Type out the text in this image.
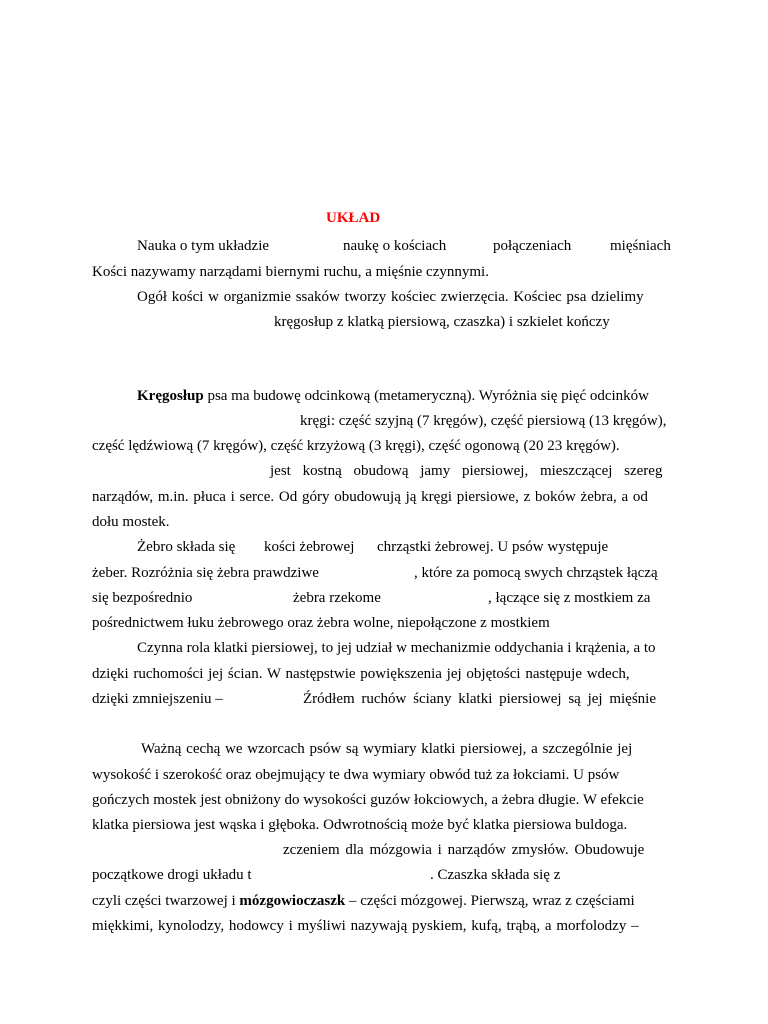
UKŁAD
Nauka o tym układzie	naukę o kościach	połączeniach	mięśniach
Kości nazywamy narządami biernymi ruchu, a mięśnie czynnymi.
Ogół kości w organizmie ssaków tworzy kościec zwierzęcia. Kościec psa dzielimy
kręgosłup z klatką piersiową, czaszka) i szkielet kończy
Kręgosłup psa ma budowę odcinkową (metameryczną). Wyróżnia się pięć odcinków
kręgi: część szyjną (7 kręgów), część piersiową (13 kręgów),
część lędźwiową (7 kręgów), część krzyżową (3 kręgi), część ogonową (20 23 kręgów).
jest kostną obudową jamy piersiowej, mieszczącej szereg
narządów, m.in. płuca i serce. Od góry obudowują ją kręgi piersiowe, z boków żebra, a od
dołu mostek.
Żebro składa się kości żebrowej chrząstki żebrowej. U psów występuje
żeber. Rozróżnia się żebra prawdziwe	, które za pomocą swych chrząstek łączą
się bezpośrednio	żebra rzekome	, łączące się z mostkiem za
pośrednictwem łuku żebrowego oraz żebra wolne, niepołączone z mostkiem
Czynna rola klatki piersiowej, to jej udział w mechanizmie oddychania i krążenia, a to
dzięki ruchomości jej ścian. W następstwie powiększenia jej objętości następuje wdech,
dzięki zmniejszeniu –	Źródłem ruchów ściany klatki piersiowej są jej mięśnie
Ważną cechą we wzorcach psów są wymiary klatki piersiowej, a szczególnie jej
wysokość i szerokość oraz obejmujący te dwa wymiary obwód tuż za łokciami. U psów
gończych mostek jest obniżony do wysokości guzów łokciowych, a żebra długie. W efekcie
klatka piersiowa jest wąska i głęboka. Odwrotnością może być klatka piersiowa buldoga.
zczeniem dla mózgowia i narządów zmysłów. Obudowuje
początkowe drogi układu t	. Czaszka składa się z
czyli części twarzowej i mózgowioczaszk – części mózgowej. Pierwszą, wraz z częściami
miękkimi, kynolodzy, hodowcy i myśliwi nazywają pyskiem, kufą, trąbą, a morfolodzy –
